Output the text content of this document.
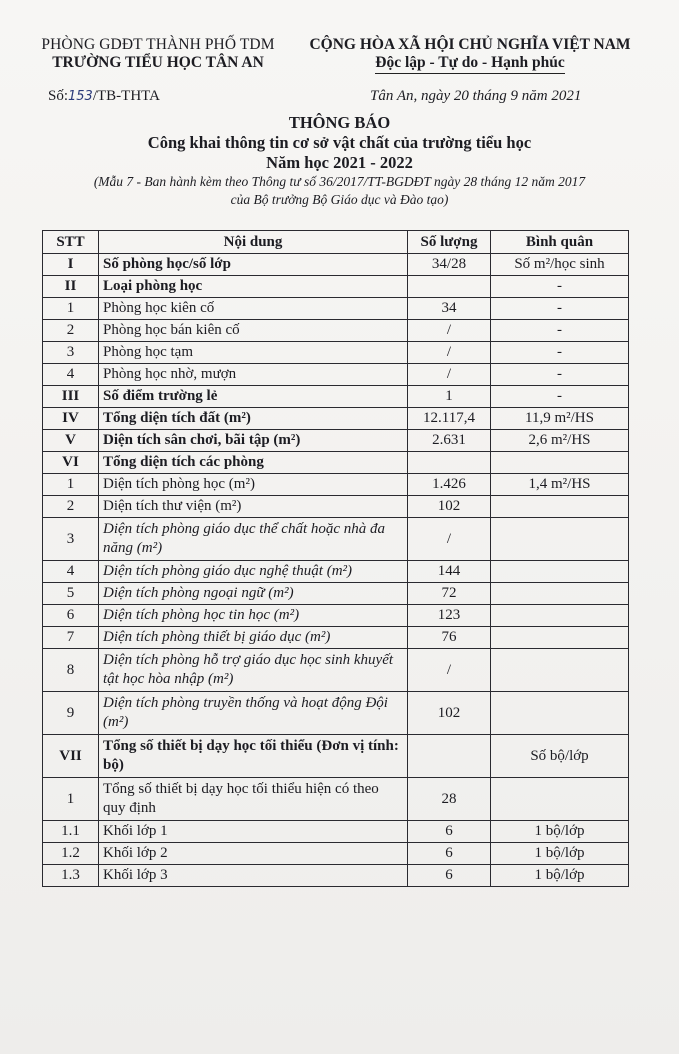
PHÒNG GDĐT THÀNH PHỐ TDM
TRƯỜNG TIỂU HỌC TÂN AN
CỘNG HÒA XÃ HỘI CHỦ NGHĨA VIỆT NAM
Độc lập - Tự do - Hạnh phúc
Số:153/TB-THTA	Tân An, ngày 20 tháng 9 năm 2021
THÔNG BÁO
Công khai thông tin cơ sở vật chất của trường tiểu học
Năm học 2021 - 2022
(Mẫu 7 - Ban hành kèm theo Thông tư số 36/2017/TT-BGDĐT ngày 28 tháng 12 năm 2017
của Bộ trưởng Bộ Giáo dục và Đào tạo)
STT	Nội dung	Số lượng	Bình quân
I	Số phòng học/số lớp	34/28	Số m²/học sinh
II	Loại phòng học		-
1	Phòng học kiên cố	34	-
2	Phòng học bán kiên cố	/	-
3	Phòng học tạm	/	-
4	Phòng học nhờ, mượn	/	-
III	Số điểm trường lẻ	1	-
IV	Tổng diện tích đất (m²)	12.117,4	11,9 m²/HS
V	Diện tích sân chơi, bãi tập (m²)	2.631	2,6 m²/HS
VI	Tổng diện tích các phòng		
1	Diện tích phòng học (m²)	1.426	1,4 m²/HS
2	Diện tích thư viện (m²)	102	
3	Diện tích phòng giáo dục thể chất hoặc nhà đa năng (m²)	/	
4	Diện tích phòng giáo dục nghệ thuật (m²)	144	
5	Diện tích phòng ngoại ngữ (m²)	72	
6	Diện tích phòng học tin học (m²)	123	
7	Diện tích phòng thiết bị giáo dục (m²)	76	
8	Diện tích phòng hỗ trợ giáo dục học sinh khuyết tật học hòa nhập (m²)	/	
9	Diện tích phòng truyền thống và hoạt động Đội (m²)	102	
VII	Tổng số thiết bị dạy học tối thiểu (Đơn vị tính: bộ)		Số bộ/lớp
1	Tổng số thiết bị dạy học tối thiểu hiện có theo quy định	28	
1.1	Khối lớp 1	6	1 bộ/lớp
1.2	Khối lớp 2	6	1 bộ/lớp
1.3	Khối lớp 3	6	1 bộ/lớp
